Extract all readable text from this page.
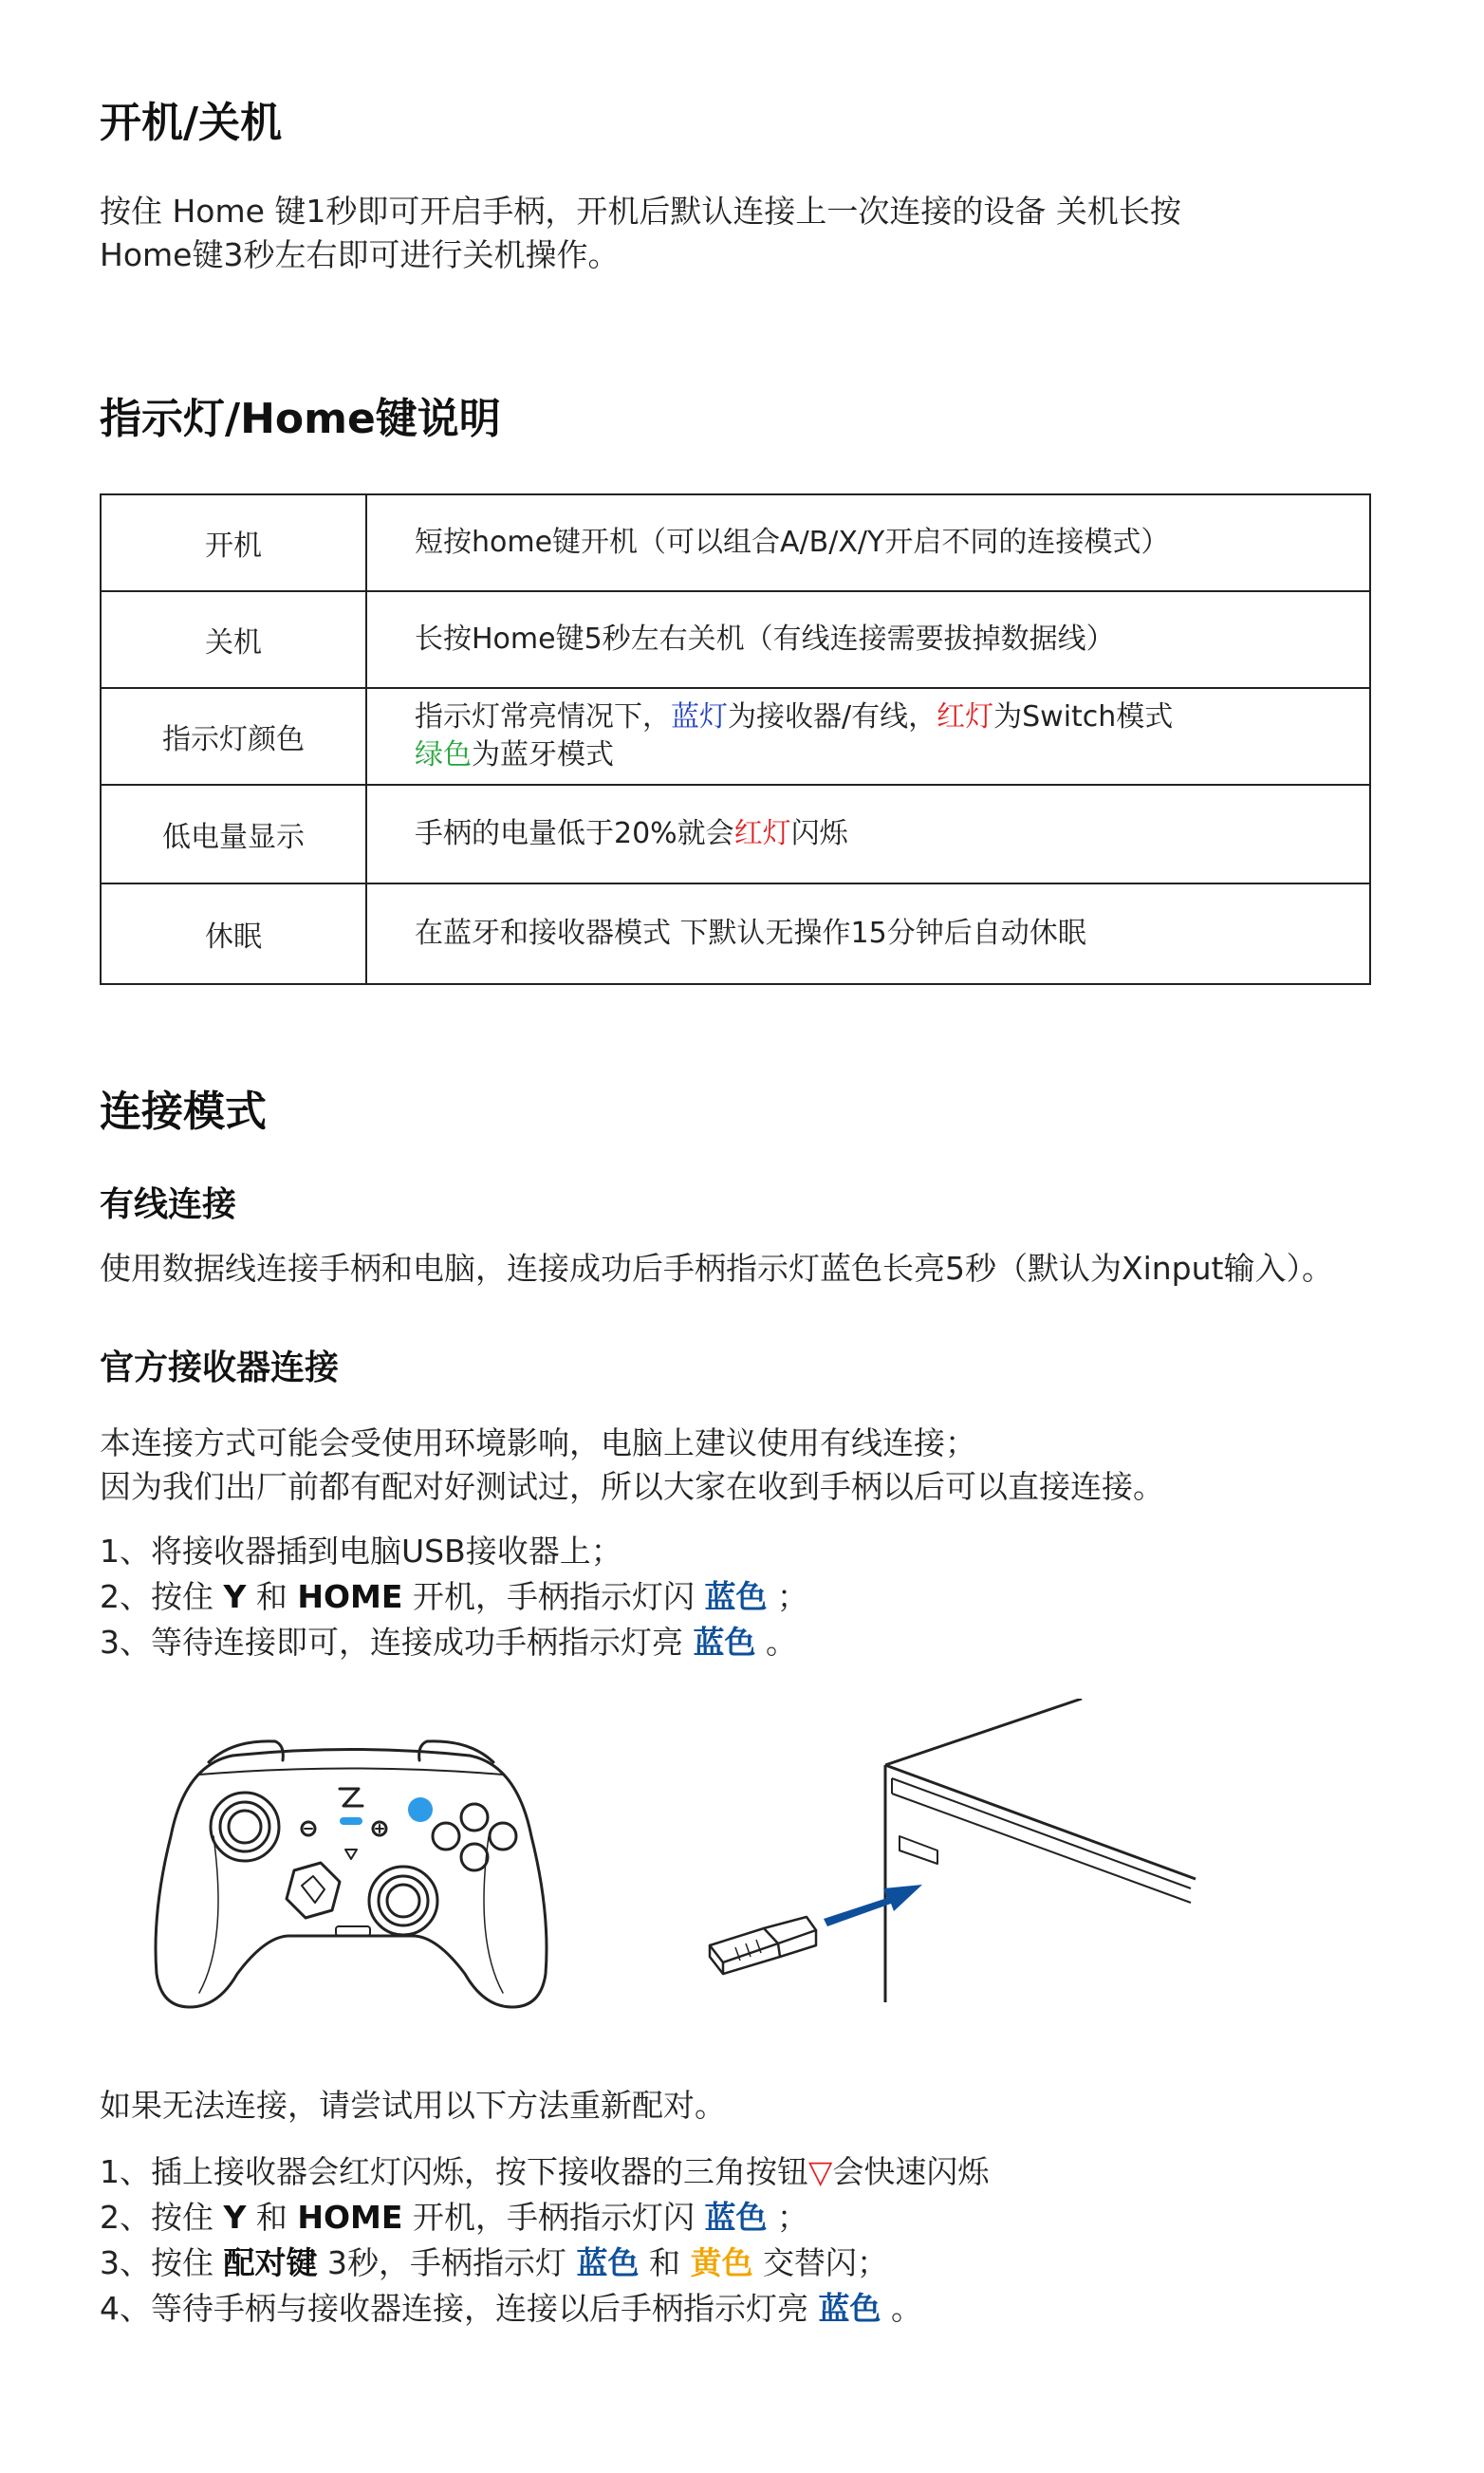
开机/关机

按住 Home 键1秒即可开启手柄，开机后默认连接上一次连接的设备 关机长按

Home键3秒左右即可进行关机操作。

指示灯/Home键说明
开机	短按home键开机（可以组合A/B/X/Y开启不同的连接模式）
关机	长按Home键5秒左右关机（有线连接需要拔掉数据线）
指示灯颜色	指示灯常亮情况下，蓝灯为接收器/有线，红灯为Switch模式
绿色为蓝牙模式
低电量显示	手柄的电量低于20%就会红灯闪烁
休眠	在蓝牙和接收器模式 下默认无操作15分钟后自动休眠
连接模式
有线连接

使用数据线连接手柄和电脑，连接成功后手柄指示灯蓝色长亮5秒（默认为Xinput输入）。

官方接收器连接

本连接方式可能会受使用环境影响，电脑上建议使用有线连接；

因为我们出厂前都有配对好测试过，所以大家在收到手柄以后可以直接连接。

1、将接收器插到电脑USB接收器上；

2、按住 Y 和 HOME 开机，手柄指示灯闪 蓝色 ；

3、等待连接即可，连接成功手柄指示灯亮 蓝色 。

如果无法连接，请尝试用以下方法重新配对。

1、插上接收器会红灯闪烁，按下接收器的三角按钮▽会快速闪烁

2、按住 Y 和 HOME 开机，手柄指示灯闪 蓝色 ；

3、按住 配对键 3秒，手柄指示灯 蓝色 和 黄色 交替闪；

4、等待手柄与接收器连接，连接以后手柄指示灯亮 蓝色 。
